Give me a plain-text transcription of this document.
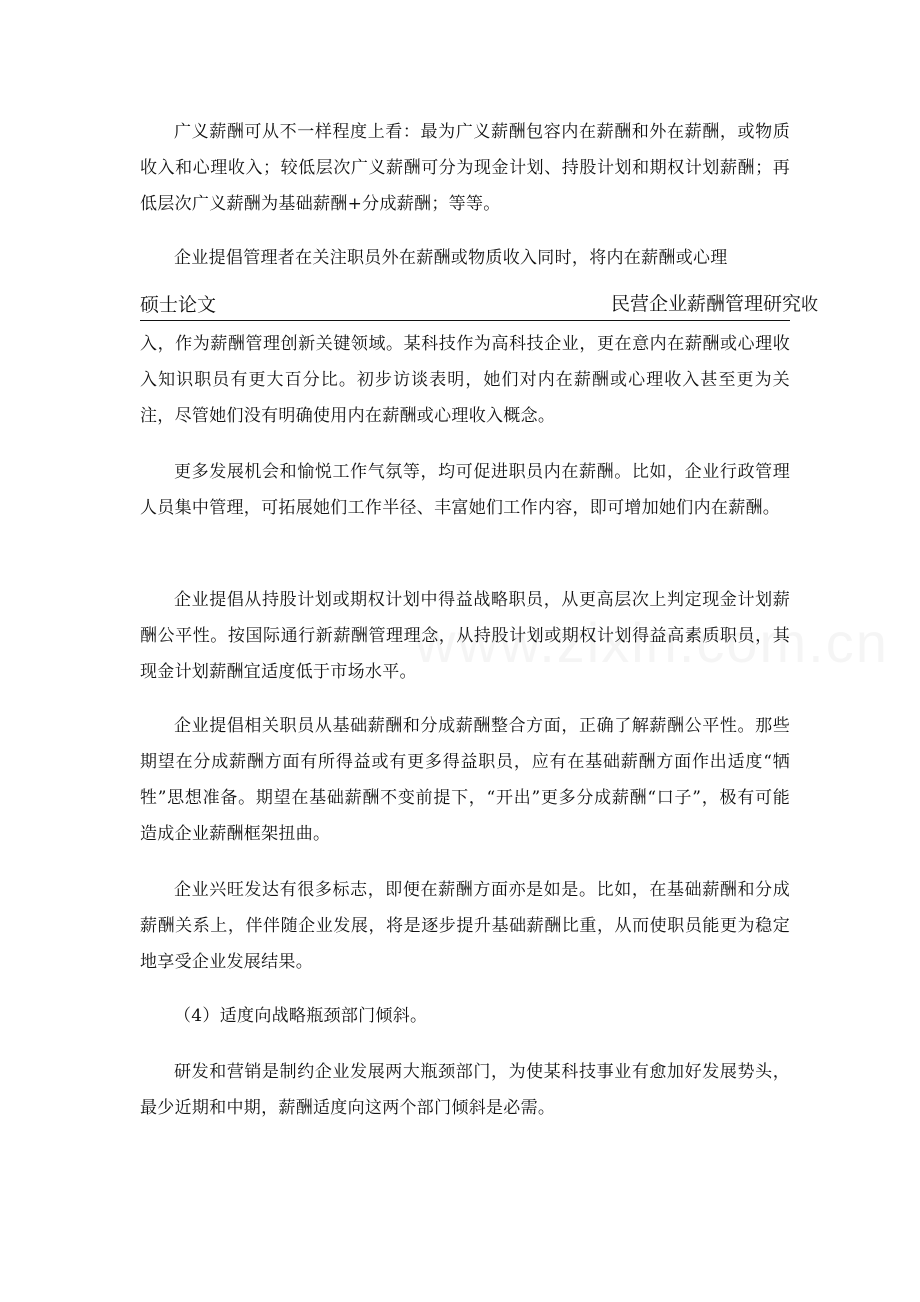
广义薪酬可从不一样程度上看：最为广义薪酬包容内在薪酬和外在薪酬，或物质收入和心理收入；较低层次广义薪酬可分为现金计划、持股计划和期权计划薪酬；再低层次广义薪酬为基础薪酬+分成薪酬；等等。

企业提倡管理者在关注职员外在薪酬或物质收入同时，将内在薪酬或心理

硕士论文	民营企业薪酬管理研究收

入，作为薪酬管理创新关键领域。某科技作为高科技企业，更在意内在薪酬或心理收入知识职员有更大百分比。初步访谈表明，她们对内在薪酬或心理收入甚至更为关注，尽管她们没有明确使用内在薪酬或心理收入概念。

更多发展机会和愉悦工作气氛等，均可促进职员内在薪酬。比如，企业行政管理人员集中管理，可拓展她们工作半径、丰富她们工作内容，即可增加她们内在薪酬。

企业提倡从持股计划或期权计划中得益战略职员，从更高层次上判定现金计划薪酬公平性。按国际通行新薪酬管理理念，从持股计划或期权计划得益高素质职员，其现金计划薪酬宜适度低于市场水平。

企业提倡相关职员从基础薪酬和分成薪酬整合方面，正确了解薪酬公平性。那些期望在分成薪酬方面有所得益或有更多得益职员，应有在基础薪酬方面作出适度“牺牲”思想准备。期望在基础薪酬不变前提下，“开出”更多分成薪酬“口子”，极有可能造成企业薪酬框架扭曲。

企业兴旺发达有很多标志，即便在薪酬方面亦是如是。比如，在基础薪酬和分成薪酬关系上，伴伴随企业发展，将是逐步提升基础薪酬比重，从而使职员能更为稳定地享受企业发展结果。

（4）适度向战略瓶颈部门倾斜。

研发和营销是制约企业发展两大瓶颈部门，为使某科技事业有愈加好发展势头，最少近期和中期，薪酬适度向这两个部门倾斜是必需。
